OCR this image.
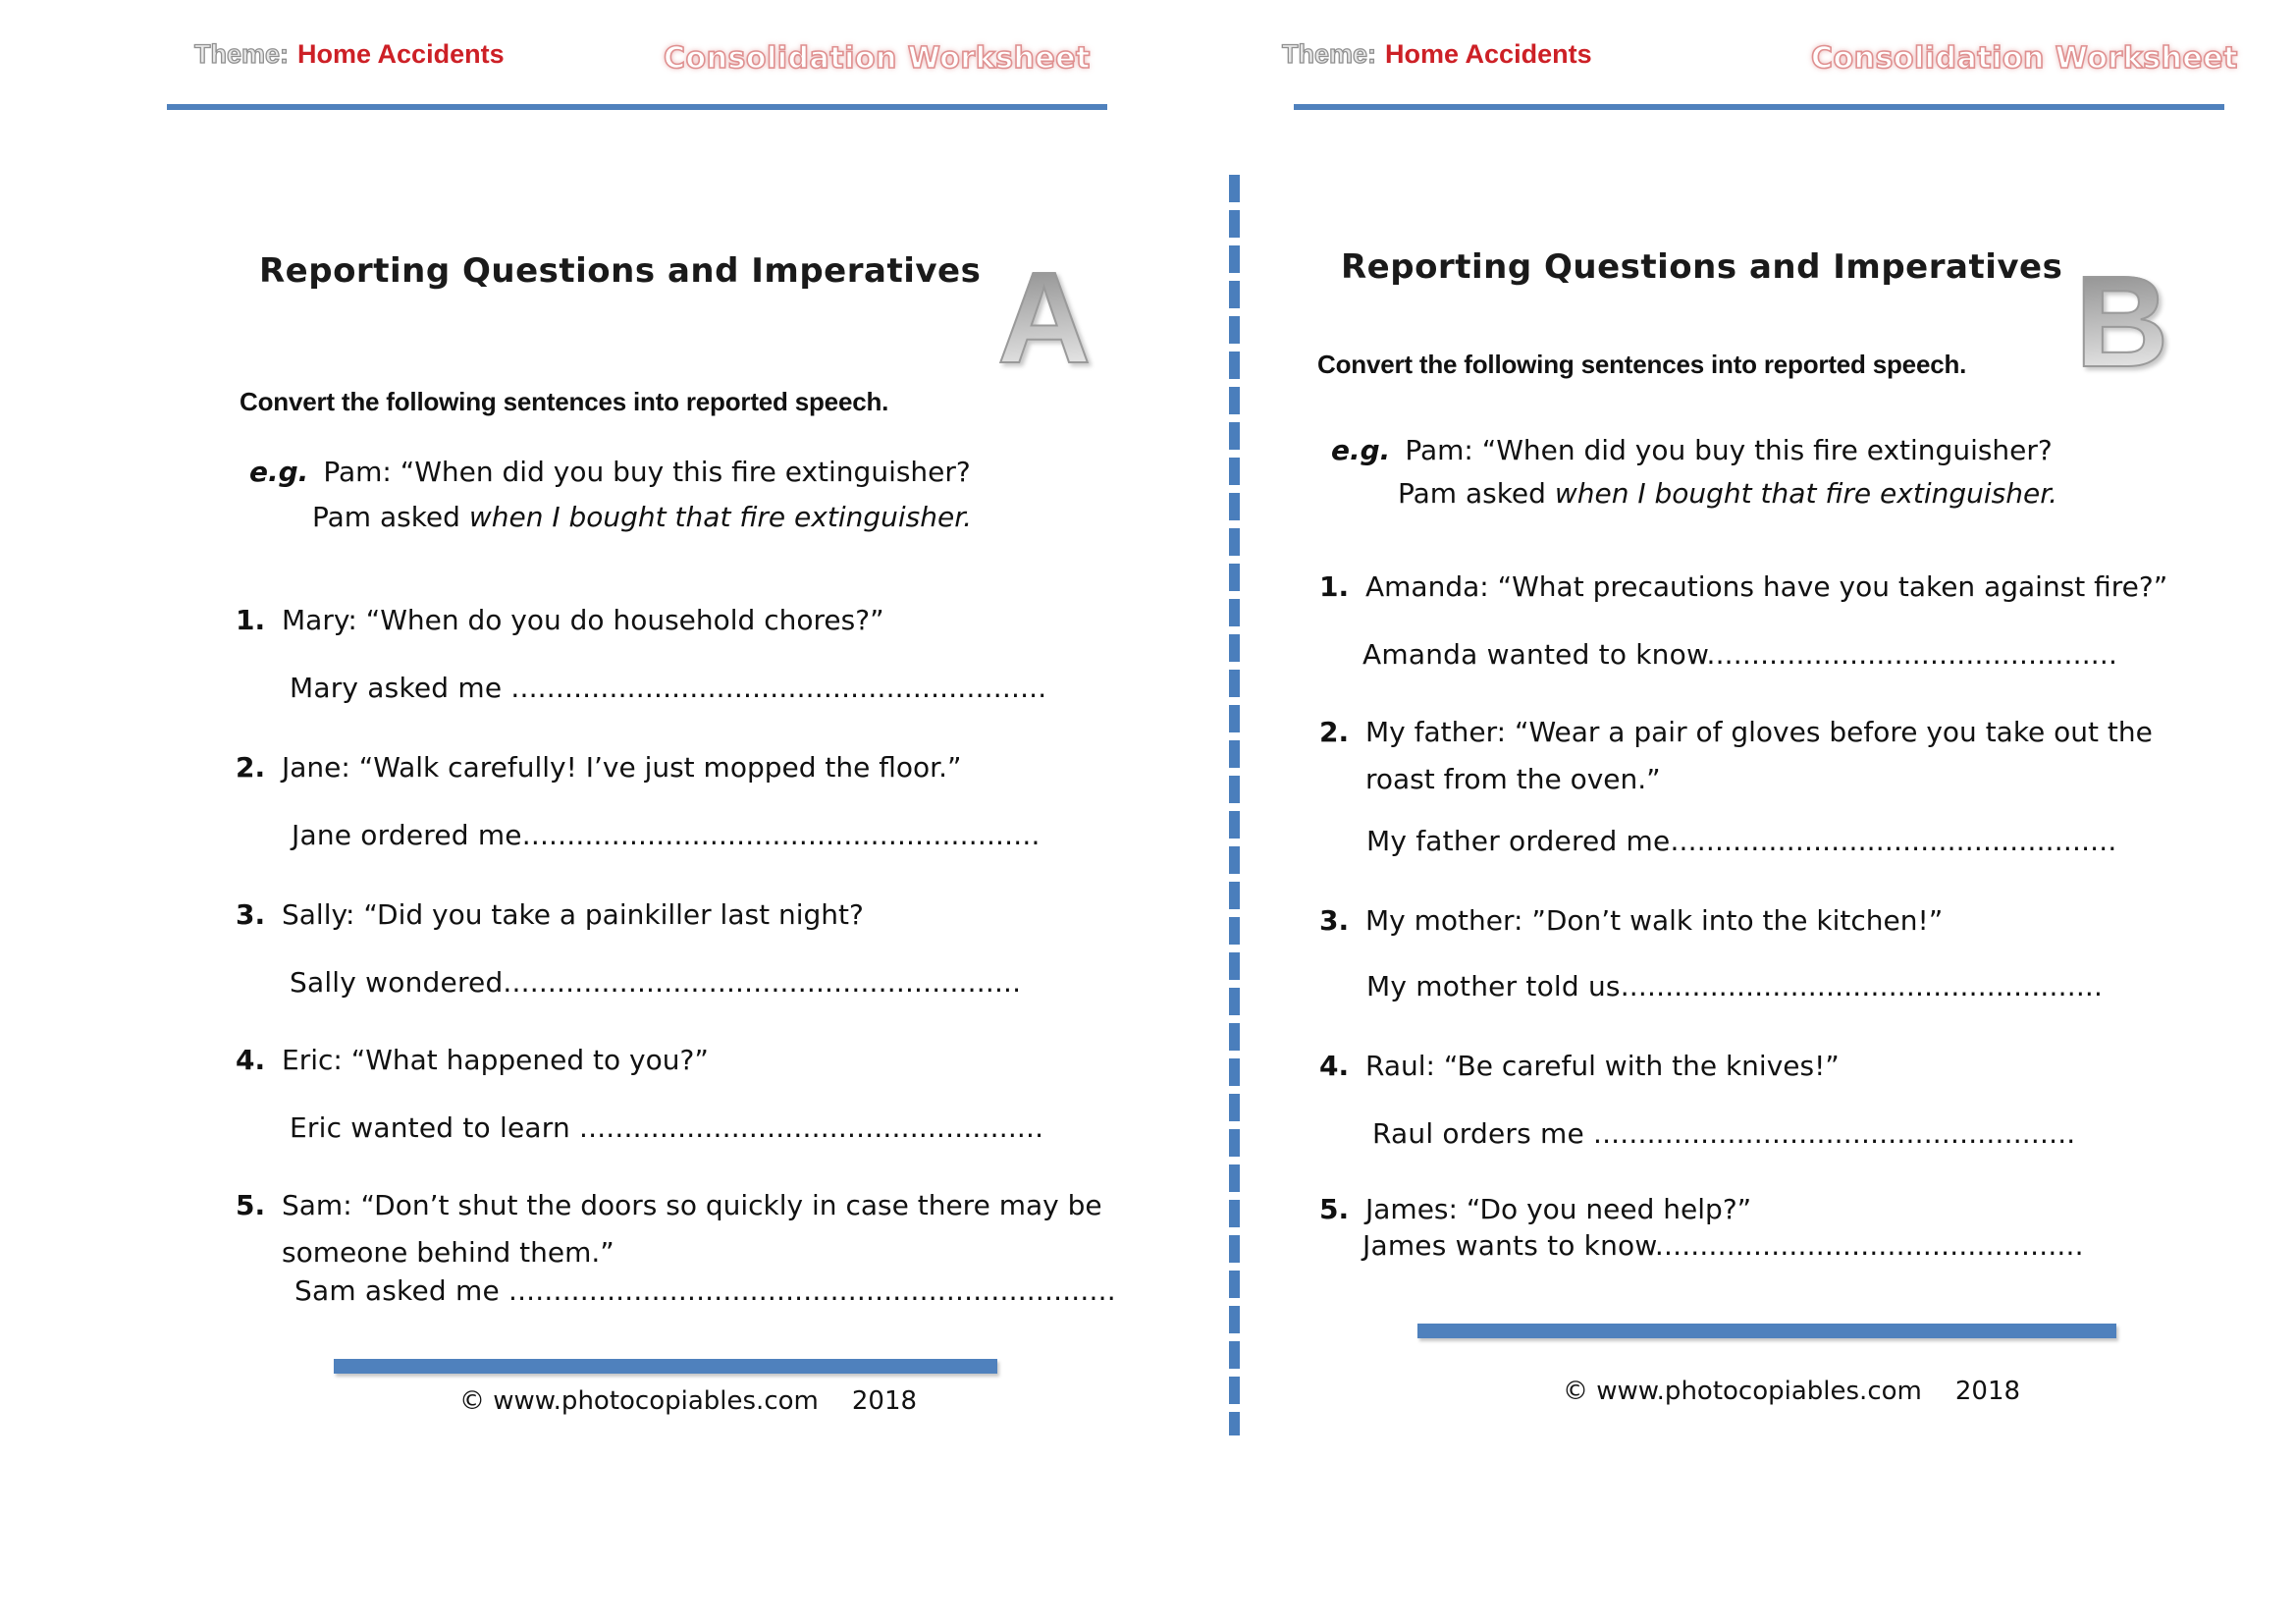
Theme: Home Accidents	Consolidation Worksheet
Reporting Questions and Imperatives A
Convert the following sentences into reported speech.
e.g. Pam: “When did you buy this fire extinguisher?
Pam asked when I bought that fire extinguisher.
1. Mary: “When do you do household chores?”
Mary asked me ............................................................
2. Jane: “Walk carefully! I’ve just mopped the floor.”
Jane ordered me..........................................................
3. Sally: “Did you take a painkiller last night?
Sally wondered..........................................................
4. Eric: “What happened to you?”
Eric wanted to learn ....................................................
5. Sam: “Don’t shut the doors so quickly in case there may be someone behind them.”
Sam asked me ....................................................................
© www.photocopiables.com 2018
Theme: Home Accidents	Consolidation Worksheet
Reporting Questions and Imperatives B
Convert the following sentences into reported speech.
e.g. Pam: “When did you buy this fire extinguisher?
Pam asked when I bought that fire extinguisher.
1. Amanda: “What precautions have you taken against fire?”
Amanda wanted to know..............................................
2. My father: “Wear a pair of gloves before you take out the roast from the oven.”
My father ordered me..................................................
3. My mother: ”Don’t walk into the kitchen!”
My mother told us......................................................
4. Raul: “Be careful with the knives!”
Raul orders me ......................................................
5. James: “Do you need help?”
James wants to know................................................
© www.photocopiables.com 2018
